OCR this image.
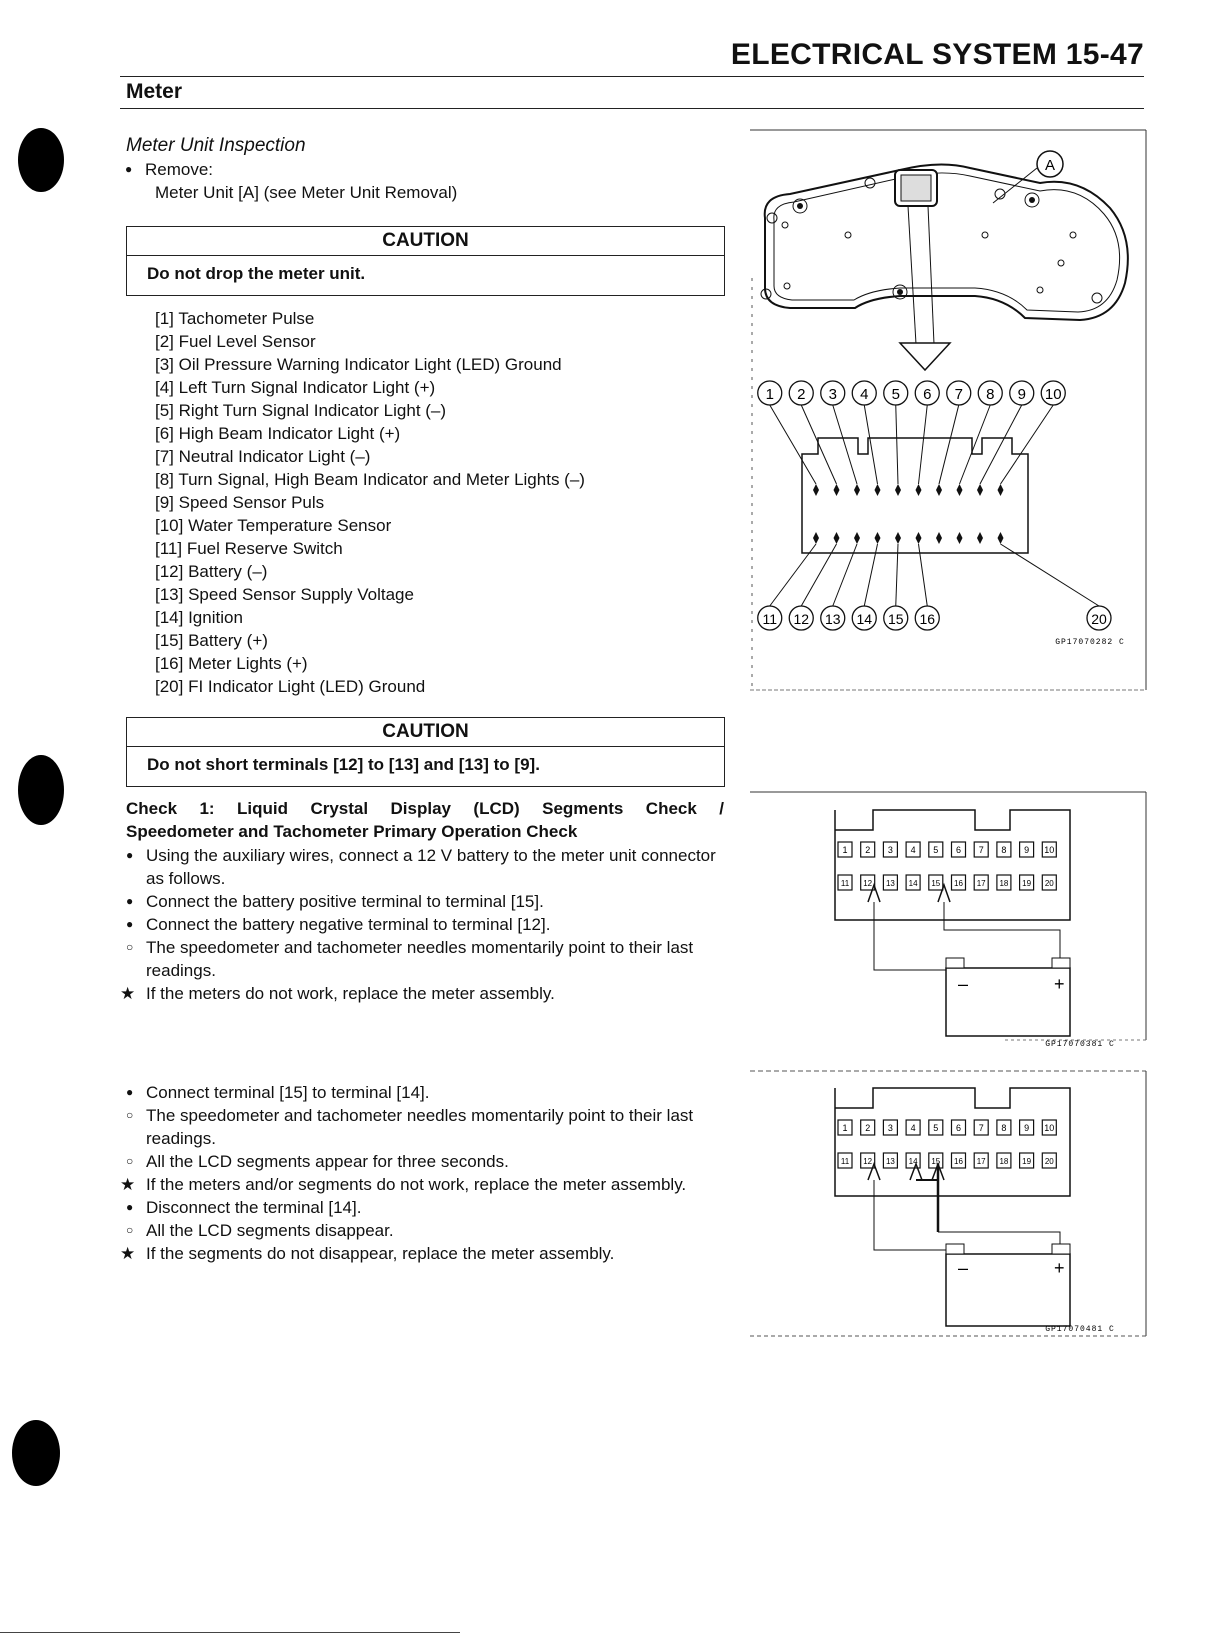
ELECTRICAL SYSTEM 15-47
Meter
Meter Unit Inspection
● Remove:
Meter Unit [A] (see Meter Unit Removal)
CAUTION
Do not drop the meter unit.
[1] Tachometer Pulse
[2] Fuel Level Sensor
[3] Oil Pressure Warning Indicator Light (LED) Ground
[4] Left Turn Signal Indicator Light (+)
[5] Right Turn Signal Indicator Light (–)
[6] High Beam Indicator Light (+)
[7] Neutral Indicator Light (–)
[8] Turn Signal, High Beam Indicator and Meter Lights (–)
[9] Speed Sensor Puls
[10] Water Temperature Sensor
[11] Fuel Reserve Switch
[12] Battery (–)
[13] Speed Sensor Supply Voltage
[14] Ignition
[15] Battery (+)
[16] Meter Lights (+)
[20] FI Indicator Light (LED) Ground
CAUTION
Do not short terminals [12] to [13] and [13] to [9].
Check 1: Liquid Crystal Display (LCD) Segments Check /
Speedometer and Tachometer Primary Operation Check
● Using the auxiliary wires, connect a 12 V battery to the meter unit connector as follows.
● Connect the battery positive terminal to terminal [15].
● Connect the battery negative terminal to terminal [12].
○ The speedometer and tachometer needles momentarily point to their last readings.
★ If the meters do not work, replace the meter assembly.
● Connect terminal [15] to terminal [14].
○ The speedometer and tachometer needles momentarily point to their last readings.
○ All the LCD segments appear for three seconds.
★ If the meters and/or segments do not work, replace the meter assembly.
● Disconnect the terminal [14].
○ All the LCD segments disappear.
★ If the segments do not disappear, replace the meter assembly.
A
1 2 3 4 5 6 7 8 9 10
11 12 13 14 15 16	20
GP17070282 C
1 2 3 4 5 6 7 8 9 10
11 12 13 14 15 16 17 18 19 20
–	+
GP17070381 C
1 2 3 4 5 6 7 8 9 10
11 12 13 14 15 16 17 18 19 20
–	+
GP17070481 C
